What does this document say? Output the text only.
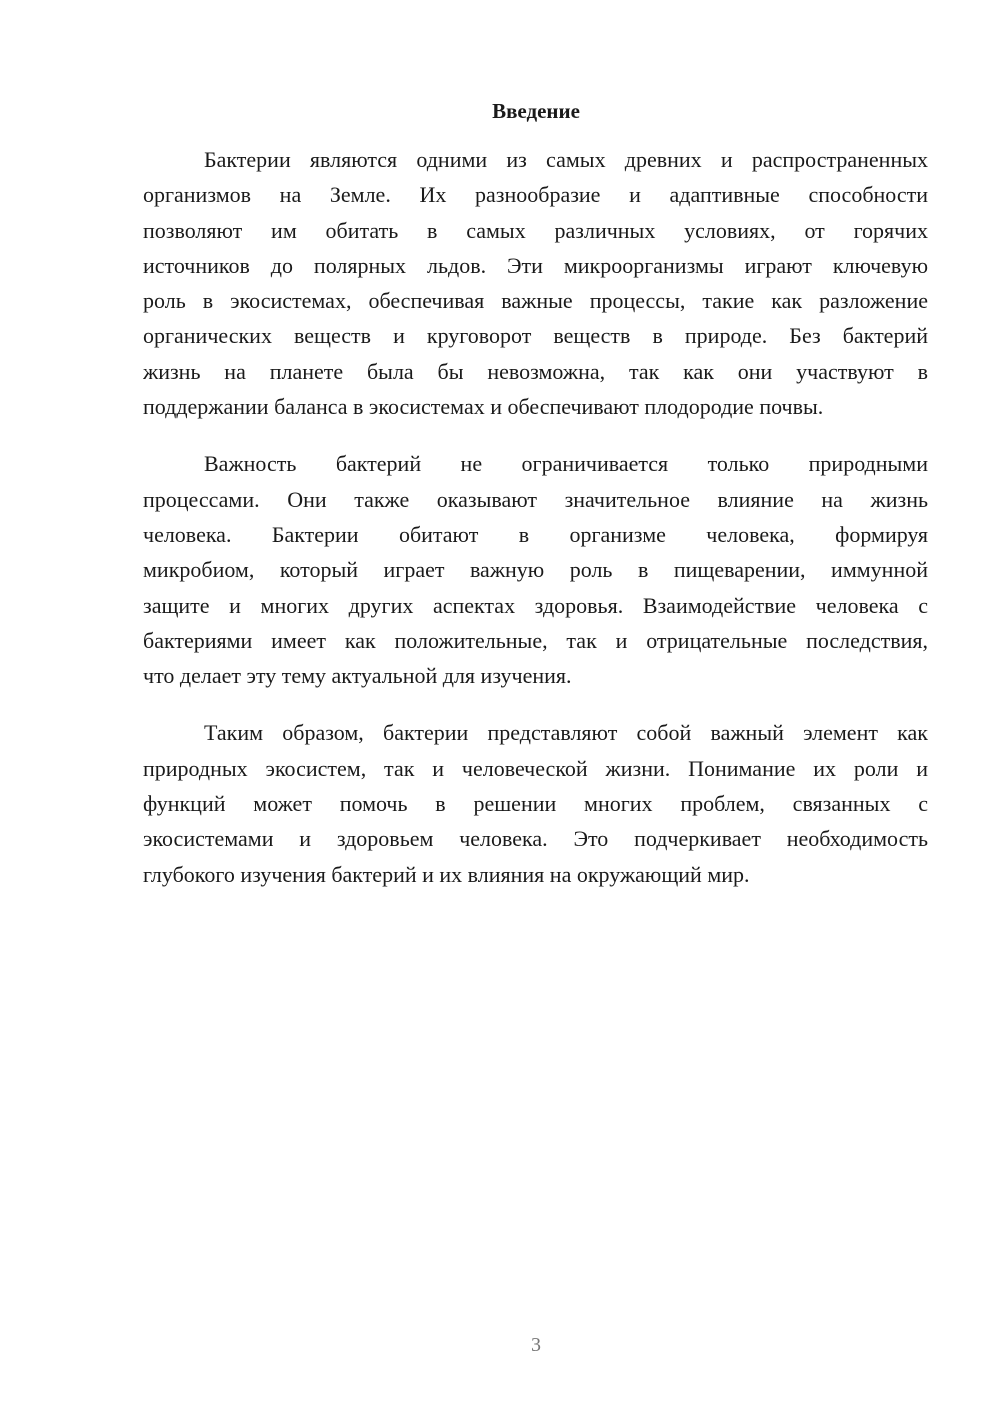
Введение
Бактерии являются одними из самых древних и распространенных
организмов на Земле. Их разнообразие и адаптивные способности
позволяют им обитать в самых различных условиях, от горячих
источников до полярных льдов. Эти микроорганизмы играют ключевую
роль в экосистемах, обеспечивая важные процессы, такие как разложение
органических веществ и круговорот веществ в природе. Без бактерий
жизнь на планете была бы невозможна, так как они участвуют в
поддержании баланса в экосистемах и обеспечивают плодородие почвы.
Важность бактерий не ограничивается только природными
процессами. Они также оказывают значительное влияние на жизнь
человека. Бактерии обитают в организме человека, формируя
микробиом, который играет важную роль в пищеварении, иммунной
защите и многих других аспектах здоровья. Взаимодействие человека с
бактериями имеет как положительные, так и отрицательные последствия,
что делает эту тему актуальной для изучения.
Таким образом, бактерии представляют собой важный элемент как
природных экосистем, так и человеческой жизни. Понимание их роли и
функций может помочь в решении многих проблем, связанных с
экосистемами и здоровьем человека. Это подчеркивает необходимость
глубокого изучения бактерий и их влияния на окружающий мир.
3
